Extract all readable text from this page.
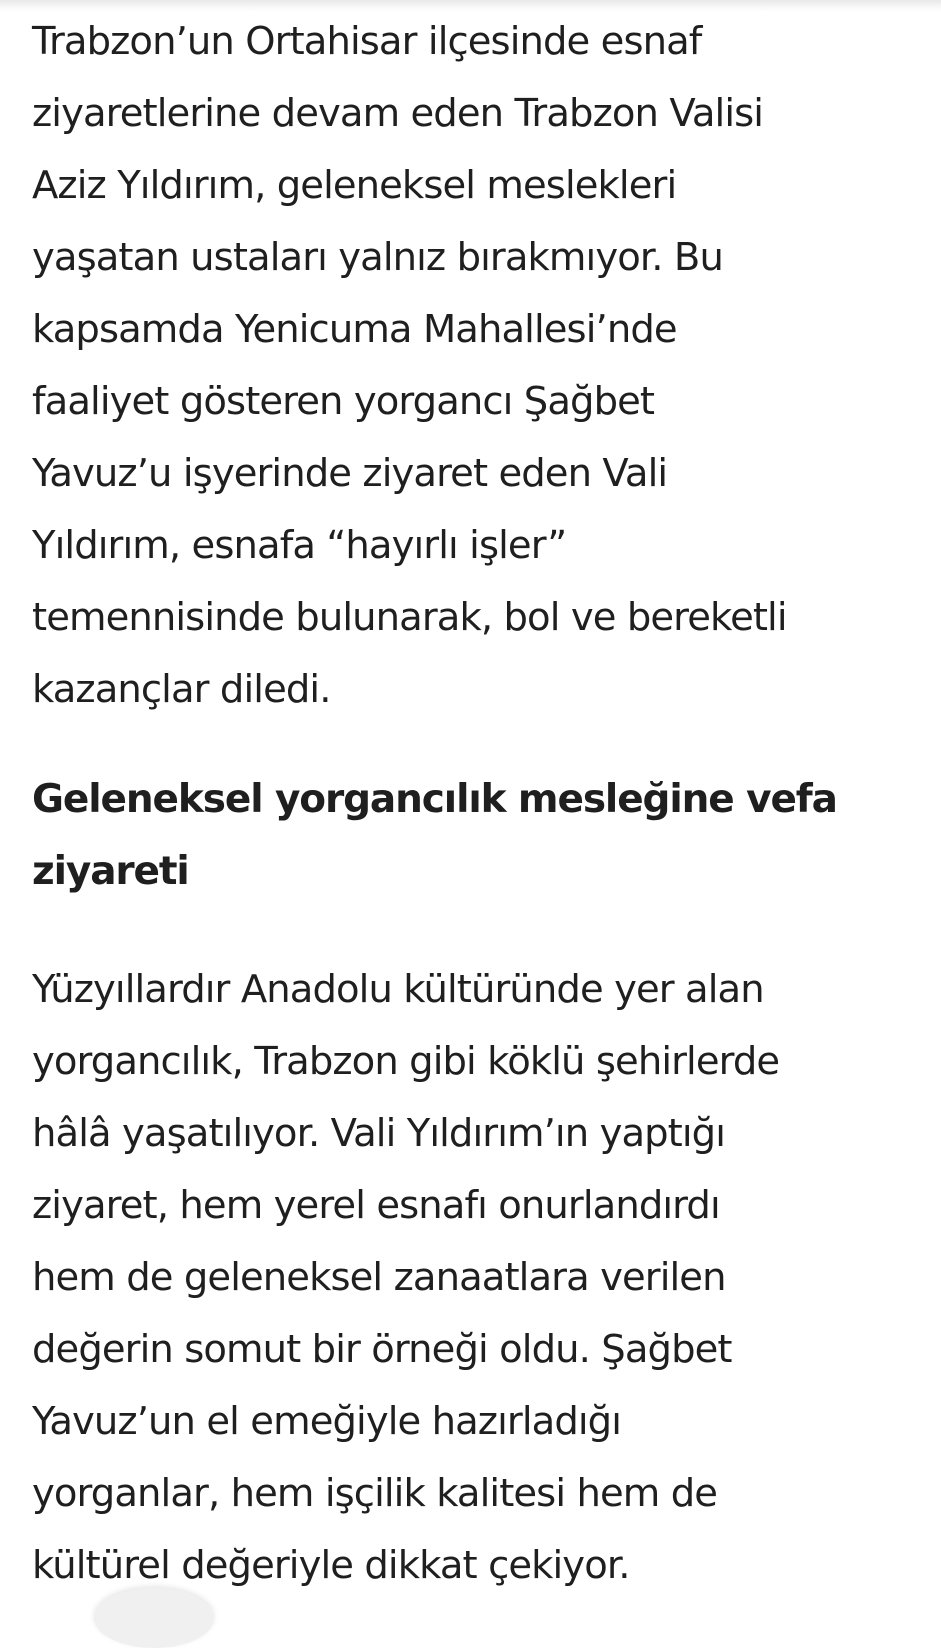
Trabzon’un Ortahisar ilçesinde esnaf
ziyaretlerine devam eden Trabzon Valisi
Aziz Yıldırım, geleneksel meslekleri
yaşatan ustaları yalnız bırakmıyor. Bu
kapsamda Yenicuma Mahallesi’nde
faaliyet gösteren yorgancı Şağbet
Yavuz’u işyerinde ziyaret eden Vali
Yıldırım, esnafa “hayırlı işler”
temennisinde bulunarak, bol ve bereketli
kazançlar diledi.

Geleneksel yorgancılık mesleğine vefa
ziyareti

Yüzyıllardır Anadolu kültüründe yer alan
yorgancılık, Trabzon gibi köklü şehirlerde
hâlâ yaşatılıyor. Vali Yıldırım’ın yaptığı
ziyaret, hem yerel esnafı onurlandırdı
hem de geleneksel zanaatlara verilen
değerin somut bir örneği oldu. Şağbet
Yavuz’un el emeğiyle hazırladığı
yorganlar, hem işçilik kalitesi hem de
kültürel değeriyle dikkat çekiyor.
